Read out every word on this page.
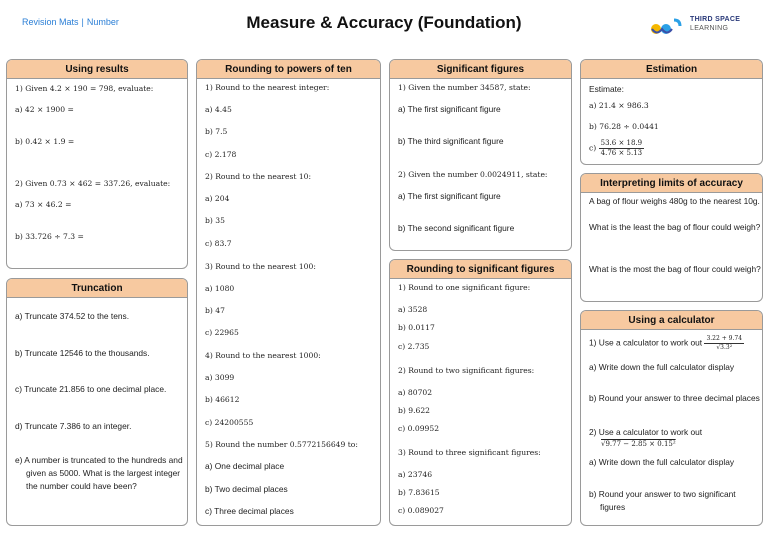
Revision Mats | Number	Measure & Accuracy (Foundation)	THIRD SPACE
LEARNING
Using results
1) Given 4.2 × 190 = 798, evaluate:
a) 42 × 1900 =
b) 0.42 × 1.9 =
2) Given 0.73 × 462 = 337.26, evaluate:
a) 73 × 46.2 =
b) 33.726 ÷ 7.3 =
Truncation
a) Truncate 374.52 to the tens.
b) Truncate 12546 to the thousands.
c) Truncate 21.856 to one decimal place.
d) Truncate 7.386 to an integer.
e) A number is truncated to the hundreds and given as 5000. What is the largest integer the number could have been?
Rounding to powers of ten
1) Round to the nearest integer:
a) 4.45
b) 7.5
c) 2.178
2) Round to the nearest 10:
a) 204
b) 35
c) 83.7
3) Round to the nearest 100:
a) 1080
b) 47
c) 22965
4) Round to the nearest 1000:
a) 3099
b) 46612
c) 24200555
5) Round the number 0.5772156649 to:
a) One decimal place
b) Two decimal places
c) Three decimal places
Significant figures
1) Given the number 34587, state:
a) The first significant figure
b) The third significant figure
2) Given the number 0.0024911, state:
a) The first significant figure
b) The second significant figure
Rounding to significant figures
1) Round to one significant figure:
a) 3528
b) 0.0117
c) 2.735
2) Round to two significant figures:
a) 80702
b) 9.622
c) 0.09952
3) Round to three significant figures:
a) 23746
b) 7.83615
c) 0.089027
Estimation
Estimate:
a) 21.4 × 986.3
b) 76.28 ÷ 0.0441
$c) \frac{53.6 \times 18.9}{4.76 \times 5.13}$
Interpreting limits of accuracy
A bag of flour weighs 480g to the nearest 10g.
What is the least the bag of flour could weigh?
What is the most the bag of flour could weigh?
Using a calculator
1) Use a calculator to work out $\frac{3.22 + 9.74}{\text{√3.3²}}$
a) Write down the full calculator display
b) Round your answer to three decimal places
2) Use a calculator to work out
√9.77 − 2.85 × 0.15²
a) Write down the full calculator display
b) Round your answer to two significant figures
